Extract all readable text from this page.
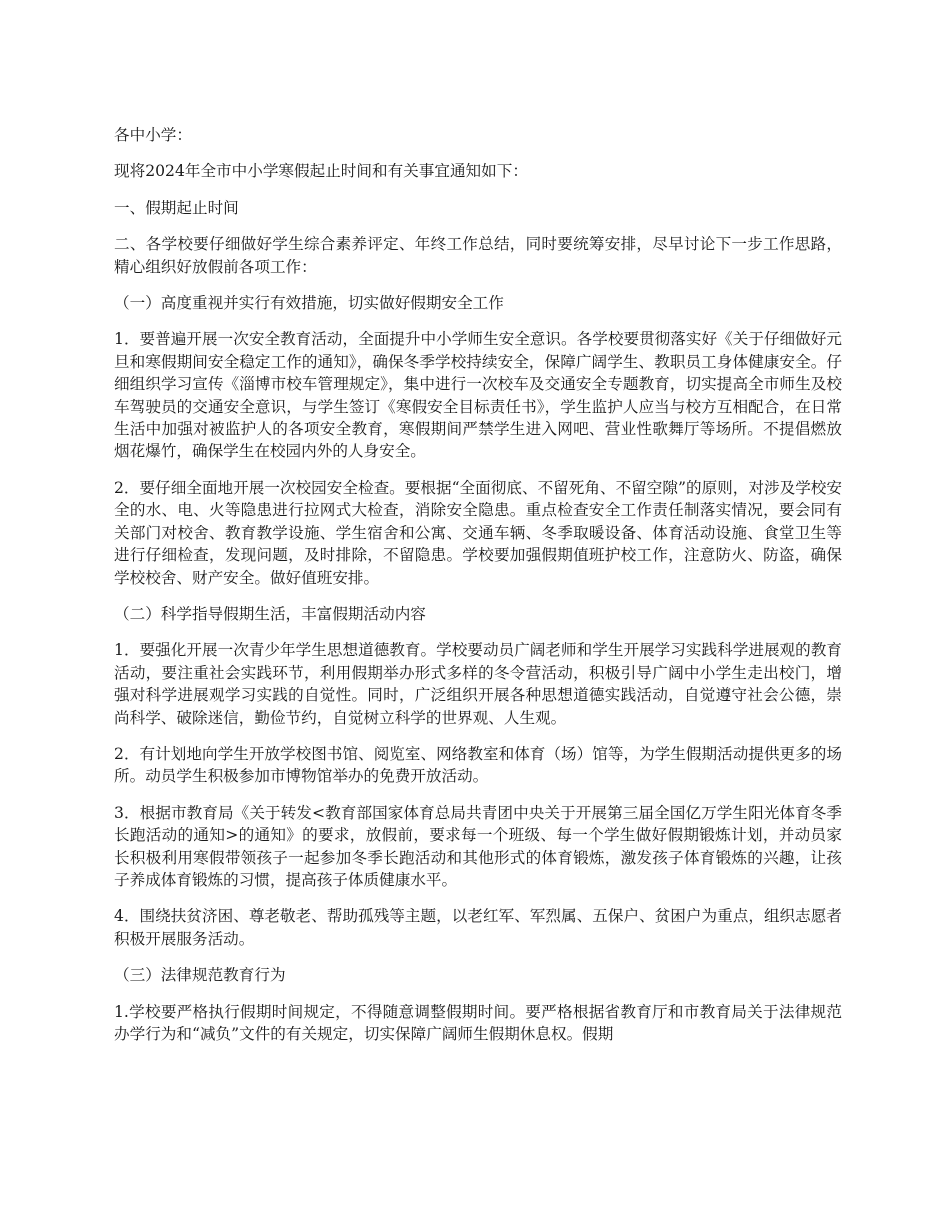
各中小学：

现将2024年全市中小学寒假起止时间和有关事宜通知如下：

一、假期起止时间

二、各学校要仔细做好学生综合素养评定、年终工作总结，同时要统筹安排，尽早讨论下一步工作思路，精心组织好放假前各项工作：

（一）高度重视并实行有效措施，切实做好假期安全工作

1．要普遍开展一次安全教育活动，全面提升中小学师生安全意识。各学校要贯彻落实好《关于仔细做好元旦和寒假期间安全稳定工作的通知》，确保冬季学校持续安全，保障广阔学生、教职员工身体健康安全。仔细组织学习宣传《淄博市校车管理规定》，集中进行一次校车及交通安全专题教育，切实提高全市师生及校车驾驶员的交通安全意识，与学生签订《寒假安全目标责任书》，学生监护人应当与校方互相配合，在日常生活中加强对被监护人的各项安全教育，寒假期间严禁学生进入网吧、营业性歌舞厅等场所。不提倡燃放烟花爆竹，确保学生在校园内外的人身安全。

2．要仔细全面地开展一次校园安全检查。要根据“全面彻底、不留死角、不留空隙”的原则，对涉及学校安全的水、电、火等隐患进行拉网式大检查，消除安全隐患。重点检查安全工作责任制落实情况，要会同有关部门对校舍、教育教学设施、学生宿舍和公寓、交通车辆、冬季取暖设备、体育活动设施、食堂卫生等进行仔细检查，发现问题，及时排除，不留隐患。学校要加强假期值班护校工作，注意防火、防盗，确保学校校舍、财产安全。做好值班安排。

（二）科学指导假期生活，丰富假期活动内容

1．要强化开展一次青少年学生思想道德教育。学校要动员广阔老师和学生开展学习实践科学进展观的教育活动，要注重社会实践环节，利用假期举办形式多样的冬令营活动，积极引导广阔中小学生走出校门，增强对科学进展观学习实践的自觉性。同时，广泛组织开展各种思想道德实践活动，自觉遵守社会公德，崇尚科学、破除迷信，勤俭节约，自觉树立科学的世界观、人生观。

2．有计划地向学生开放学校图书馆、阅览室、网络教室和体育（场）馆等，为学生假期活动提供更多的场所。动员学生积极参加市博物馆举办的免费开放活动。

3．根据市教育局《关于转发<教育部国家体育总局共青团中央关于开展第三届全国亿万学生阳光体育冬季长跑活动的通知>的通知》的要求，放假前，要求每一个班级、每一个学生做好假期锻炼计划，并动员家长积极利用寒假带领孩子一起参加冬季长跑活动和其他形式的体育锻炼，激发孩子体育锻炼的兴趣，让孩子养成体育锻炼的习惯，提高孩子体质健康水平。

4．围绕扶贫济困、尊老敬老、帮助孤残等主题，以老红军、军烈属、五保户、贫困户为重点，组织志愿者积极开展服务活动。

（三）法律规范教育行为

1.学校要严格执行假期时间规定，不得随意调整假期时间。要严格根据省教育厅和市教育局关于法律规范办学行为和“减负”文件的有关规定，切实保障广阔师生假期休息权。假期
